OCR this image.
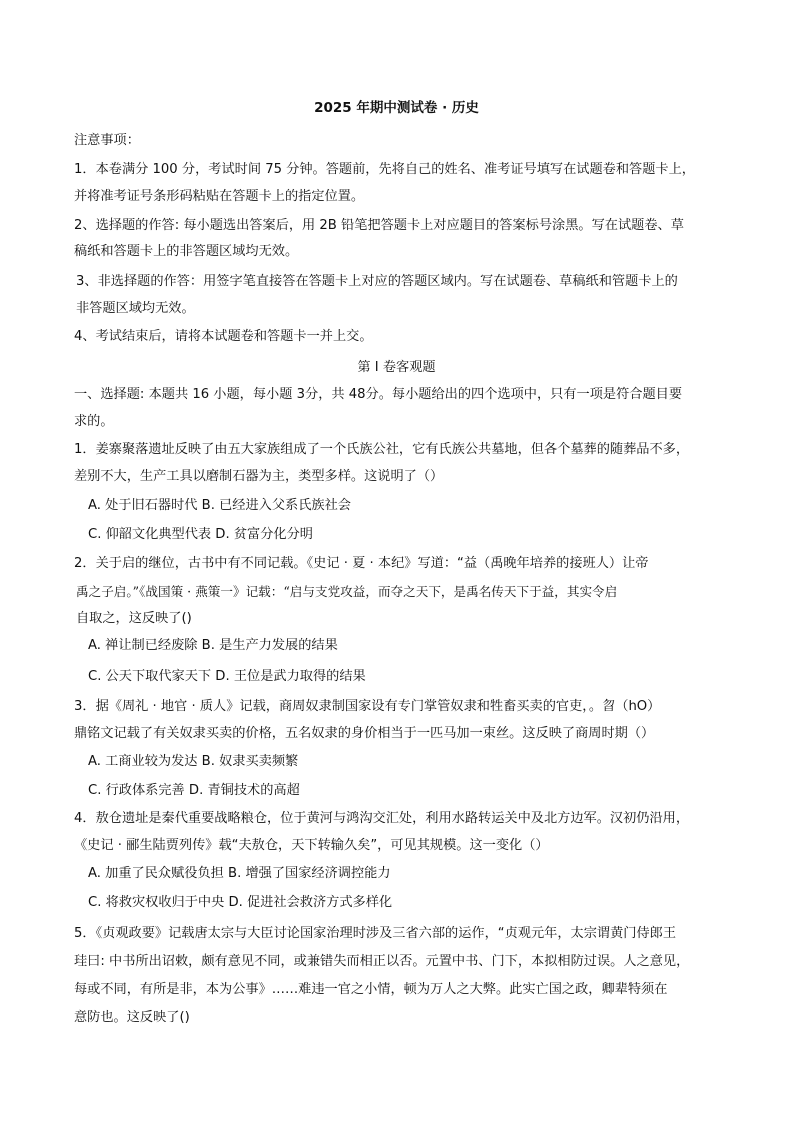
2025 年期中测试卷 · 历史
注意事项：
1．本卷满分 100 分，考试时间 75 分钟。答题前，先将自己的姓名、准考证号填写在试题卷和答题卡上，
并将准考证号条形码粘贴在答题卡上的指定位置。
2、选择题的作答: 每小题选出答案后，用 2B 铅笔把答题卡上对应题目的答案标号涂黑。写在试题卷、草
稿纸和答题卡上的非答题区域均无效。
3、非选择题的作答：用签字笔直接答在答题卡上对应的答题区域内。写在试题卷、草稿纸和管题卡上的
非答题区域均无效。
4、考试结束后，请将本试题卷和答题卡一并上交。
第 I 卷客观题
一、选择题: 本题共 16 小题，每小题 3分，共 48分。每小题给出的四个选项中，只有一项是符合题目要
求的。
1．姜寨聚落遗址反映了由五大家族组成了一个氏族公社，它有氏族公共墓地，但各个墓葬的随葬品不多，
差别不大，生产工具以磨制石器为主，类型多样。这说明了（）
A. 处于旧石器时代 B. 已经进入父系氏族社会
C. 仰韶文化典型代表 D. 贫富分化分明
2．关于启的继位，古书中有不同记载。《史记 · 夏 · 本纪》写道：“益（禹晚年培养的接班人）让帝
禹之子启。”《战国策 · 燕策一》记载：“启与支党攻益，而夺之天下，是禹名传天下于益，其实令启
自取之，这反映了()
A. 禅让制已经废除 B. 是生产力发展的结果
C. 公天下取代家天下 D. 王位是武力取得的结果
3．据《周礼 · 地官 · 质人》记载，商周奴隶制国家设有专门掌管奴隶和牲畜买卖的官吏，。曶（hO）
鼎铭文记载了有关奴隶买卖的价格，五名奴隶的身价相当于一匹马加一束丝。这反映了商周时期（）
A. 工商业较为发达 B. 奴隶买卖频繁
C. 行政体系完善 D. 青铜技术的高超
4．敖仓遗址是秦代重要战略粮仓，位于黄河与鸿沟交汇处，利用水路转运关中及北方边军。汉初仍沿用，
《史记 · 郦生陆贾列传》载“夫敖仓，天下转输久矣”，可见其规模。这一变化（）
A. 加重了民众赋役负担 B. 增强了国家经济调控能力
C. 将救灾权收归于中央 D. 促进社会救济方式多样化
5．《贞观政要》记载唐太宗与大臣讨论国家治理时涉及三省六部的运作，“贞观元年，太宗谓黄门侍郎王
珪曰: 中书所出诏敕，颇有意见不同，或兼错失而相正以否。元置中书、门下，本拟相防过误。人之意见，
每或不同，有所是非，本为公事》……难违一官之小情，顿为万人之大弊。此实亡国之政，卿辈特须在
意防也。这反映了()
